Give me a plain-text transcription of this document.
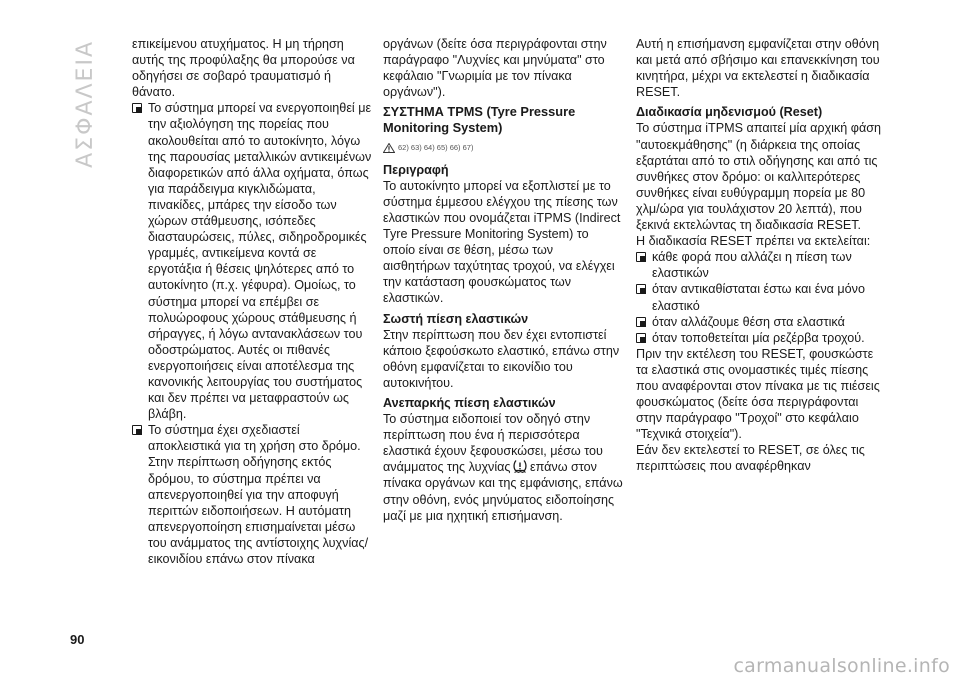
ΑΣΦΑΛΕΙΑ	επικείμενου ατυχήματος. Η μη τήρηση αυτής της προφύλαξης θα μπορούσε να οδηγήσει σε σοβαρό τραυματισμό ή θάνατο.

Το σύστημα μπορεί να ενεργοποιηθεί με την αξιολόγηση της πορείας που ακολουθείται από το αυτοκίνητο, λόγω της παρουσίας μεταλλικών αντικειμένων διαφορετικών από άλλα οχήματα, όπως για παράδειγμα κιγκλιδώματα, πινακίδες, μπάρες την είσοδο των χώρων στάθμευσης, ισόπεδες διασταυρώσεις, πύλες, σιδηροδρομικές γραμμές, αντικείμενα κοντά σε εργοτάξια ή θέσεις ψηλότερες από το αυτοκίνητο (π.χ. γέφυρα). Ομοίως, το σύστημα μπορεί να επέμβει σε πολυώροφους χώρους στάθμευσης ή σήραγγες, ή λόγω αντανακλάσεων του οδοστρώματος. Αυτές οι πιθανές ενεργοποιήσεις είναι αποτέλεσμα της κανονικής λειτουργίας του συστήματος και δεν πρέπει να μεταφραστούν ως βλάβη.
Το σύστημα έχει σχεδιαστεί αποκλειστικά για τη χρήση στο δρόμο. Στην περίπτωση οδήγησης εκτός δρόμου, το σύστημα πρέπει να απενεργοποιηθεί για την αποφυγή περιττών ειδοποιήσεων. Η αυτόματη απενεργοποίηση επισημαίνεται μέσω του ανάμματος της αντίστοιχης λυχνίας/εικονιδίου επάνω στον πίνακα

οργάνων (δείτε όσα περιγράφονται στην παράγραφο "Λυχνίες και μηνύματα" στο κεφάλαιο "Γνωριμία με τον πίνακα οργάνων").

ΣΥΣΤΗΜΑ TPMS (Tyre Pressure Monitoring System)

62) 63) 64) 65) 66) 67)

Περιγραφή

Το αυτοκίνητο μπορεί να εξοπλιστεί με το σύστημα έμμεσου ελέγχου της πίεσης των ελαστικών που ονομάζεται iTPMS (Indirect Tyre Pressure Monitoring System) το οποίο είναι σε θέση, μέσω των αισθητήρων ταχύτητας τροχού, να ελέγχει την κατάσταση φουσκώματος των ελαστικών.

Σωστή πίεση ελαστικών

Στην περίπτωση που δεν έχει εντοπιστεί κάποιο ξεφούσκωτο ελαστικό, επάνω στην οθόνη εμφανίζεται το εικονίδιο του αυτοκινήτου.

Ανεπαρκής πίεση ελαστικών

Το σύστημα ειδοποιεί τον οδηγό στην περίπτωση που ένα ή περισσότερα ελαστικά έχουν ξεφουσκώσει, μέσω του ανάμματος της λυχνίας επάνω στον πίνακα οργάνων και της εμφάνισης, επάνω στην οθόνη, ενός μηνύματος ειδοποίησης μαζί με μια ηχητική επισήμανση.

Αυτή η επισήμανση εμφανίζεται στην οθόνη και μετά από σβήσιμο και επανεκκίνηση του κινητήρα, μέχρι να εκτελεστεί η διαδικασία RESET.

Διαδικασία μηδενισμού (Reset)

Το σύστημα iTPMS απαιτεί μία αρχική φάση "αυτοεκμάθησης" (η διάρκεια της οποίας εξαρτάται από το στιλ οδήγησης και από τις συνθήκες στον δρόμο: οι καλλιτερότερες συνθήκες είναι ευθύγραμμη πορεία με 80 χλμ/ώρα για τουλάχιστον 20 λεπτά), που ξεκινά εκτελώντας τη διαδικασία RESET.

Η διαδικασία RESET πρέπει να εκτελείται:

κάθε φορά που αλλάζει η πίεση των ελαστικών
όταν αντικαθίσταται έστω και ένα μόνο ελαστικό
όταν αλλάζουμε θέση στα ελαστικά
όταν τοποθετείται μία ρεζέρβα τροχού.

Πριν την εκτέλεση του RESET, φουσκώστε τα ελαστικά στις ονομαστικές τιμές πίεσης που αναφέρονται στον πίνακα με τις πιέσεις φουσκώματος (δείτε όσα περιγράφονται στην παράγραφο "Τροχοί" στο κεφάλαιο "Τεχνικά στοιχεία").

Εάν δεν εκτελεστεί το RESET, σε όλες τις περιπτώσεις που αναφέρθηκαν

90
carmanualsonline.info
